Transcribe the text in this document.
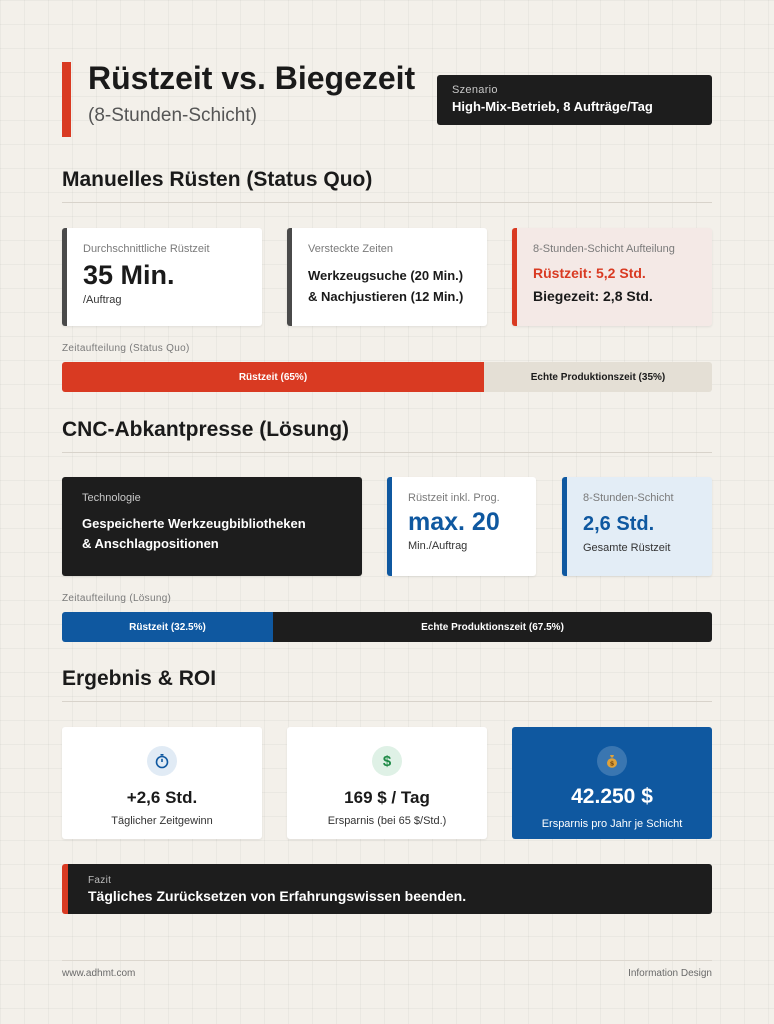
Rüstzeit vs. Biegezeit
(8-Stunden-Schicht)
Szenario
High-Mix-Betrieb, 8 Aufträge/Tag
Manuelles Rüsten (Status Quo)
Durchschnittliche Rüstzeit
35 Min.
/Auftrag
Versteckte Zeiten
Werkzeugsuche (20 Min.)
& Nachjustieren (12 Min.)
8-Stunden-Schicht Aufteilung
Rüstzeit: 5,2 Std.
Biegezeit: 2,8 Std.
Zeitaufteilung (Status Quo)
Rüstzeit (65%)	Echte Produktionszeit (35%)
CNC-Abkantpresse (Lösung)
Technologie
Gespeicherte Werkzeugbibliotheken
& Anschlagpositionen
Rüstzeit inkl. Prog.
max. 20
Min./Auftrag
8-Stunden-Schicht
2,6 Std.
Gesamte Rüstzeit
Zeitaufteilung (Lösung)
Rüstzeit (32.5%)	Echte Produktionszeit (67.5%)
Ergebnis & ROI
+2,6 Std.
Täglicher Zeitgewinn
$
169 $ / Tag
Ersparnis (bei 65 $/Std.)
$
42.250 $
Ersparnis pro Jahr je Schicht
Fazit
Tägliches Zurücksetzen von Erfahrungswissen beenden.
www.adhmt.com	Information Design
